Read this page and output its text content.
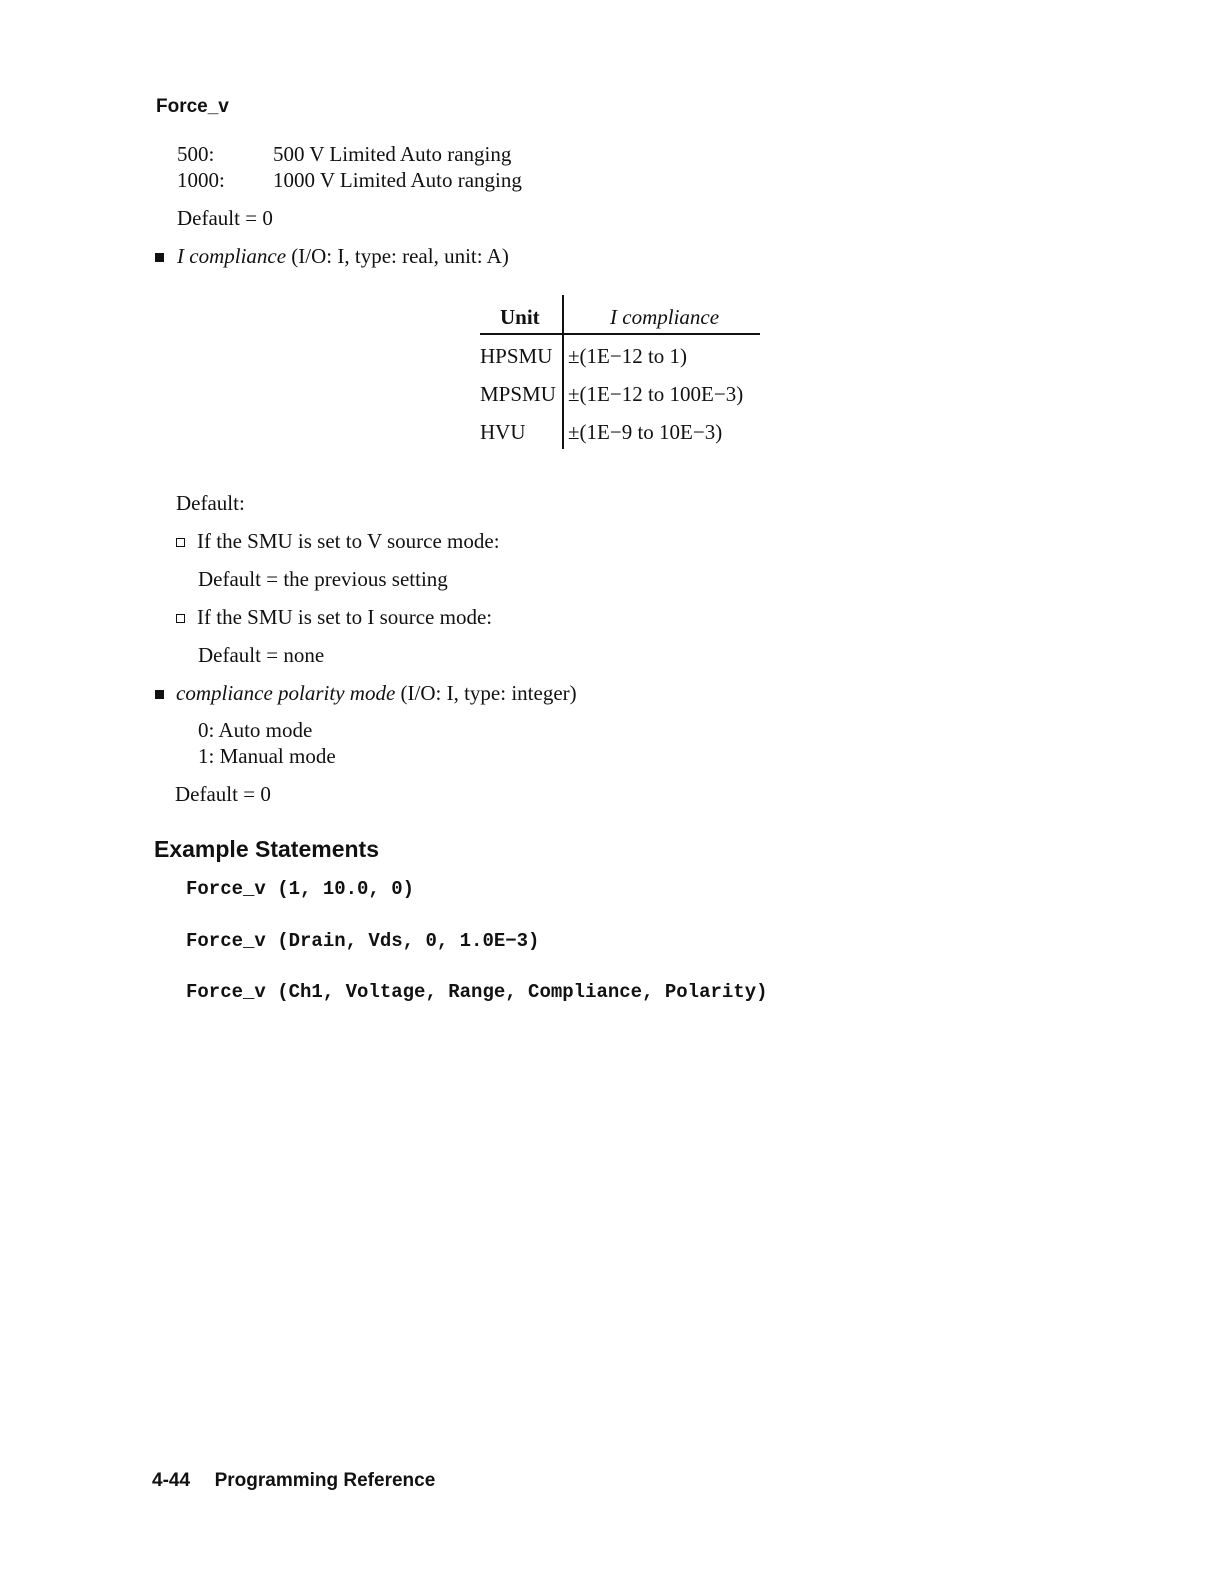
Force_v
500:	500 V Limited Auto ranging
1000: 1000 V Limited Auto ranging
Default = 0
I compliance (I/O: I, type: real, unit: A)
Unit	I compliance
HPSMU ±(1E−12 to 1)
MPSMU ±(1E−12 to 100E−3)
HVU ±(1E−9 to 10E−3)
Default:
If the SMU is set to V source mode:
Default = the previous setting
If the SMU is set to I source mode:
Default = none
compliance polarity mode (I/O: I, type: integer)
0: Auto mode
1: Manual mode
Default = 0
Example Statements
Force_v (1, 10.0, 0)
Force_v (Drain, Vds, 0, 1.0E−3)
Force_v (Ch1, Voltage, Range, Compliance, Polarity)
4-44 Programming Reference
